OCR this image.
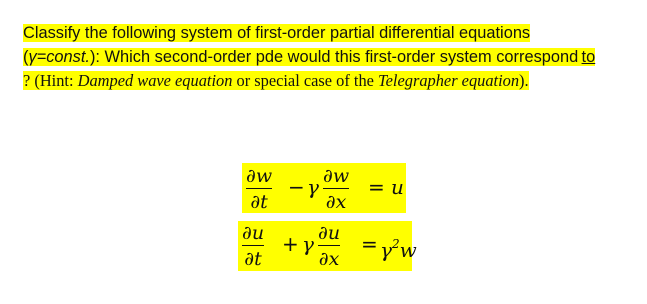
Classify the following system of first-order partial differential equations
(γ=const.): Which second-order pde would this first-order system correspond  to
? (Hint: Damped wave equation or special case of the Telegrapher equation).

∂w
∂t
− γ ∂w
∂x
= u
∂u
∂t
+ γ ∂u
∂x
= $\gamma^2w$
